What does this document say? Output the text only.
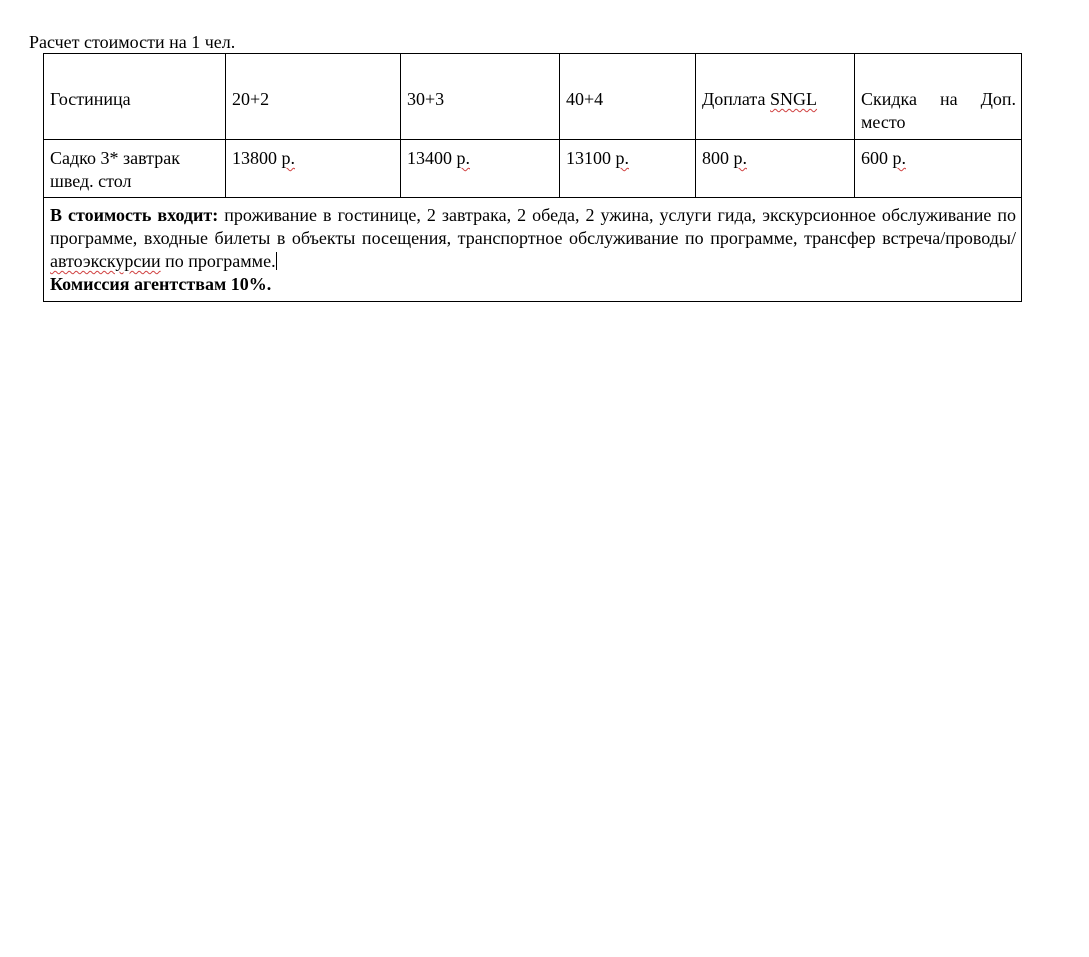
Расчет стоимости на 1 чел.
Гостиница	20+2	30+3	40+4	Доплата SNGL	Скидка на Доп. место
Садко 3* завтрак швед. стол	13800 р.	13400 р.	13100 р.	800 р.	600 р.

В стоимость входит: проживание в гостинице, 2 завтрака, 2 обеда, 2 ужина, услуги гида, экскурсионное обслуживание по программе, входные билеты в объекты посещения, транспортное обслуживание по программе, трансфер встреча/проводы/автоэкскурсии по программе.
Комиссия агентствам 10%.					
